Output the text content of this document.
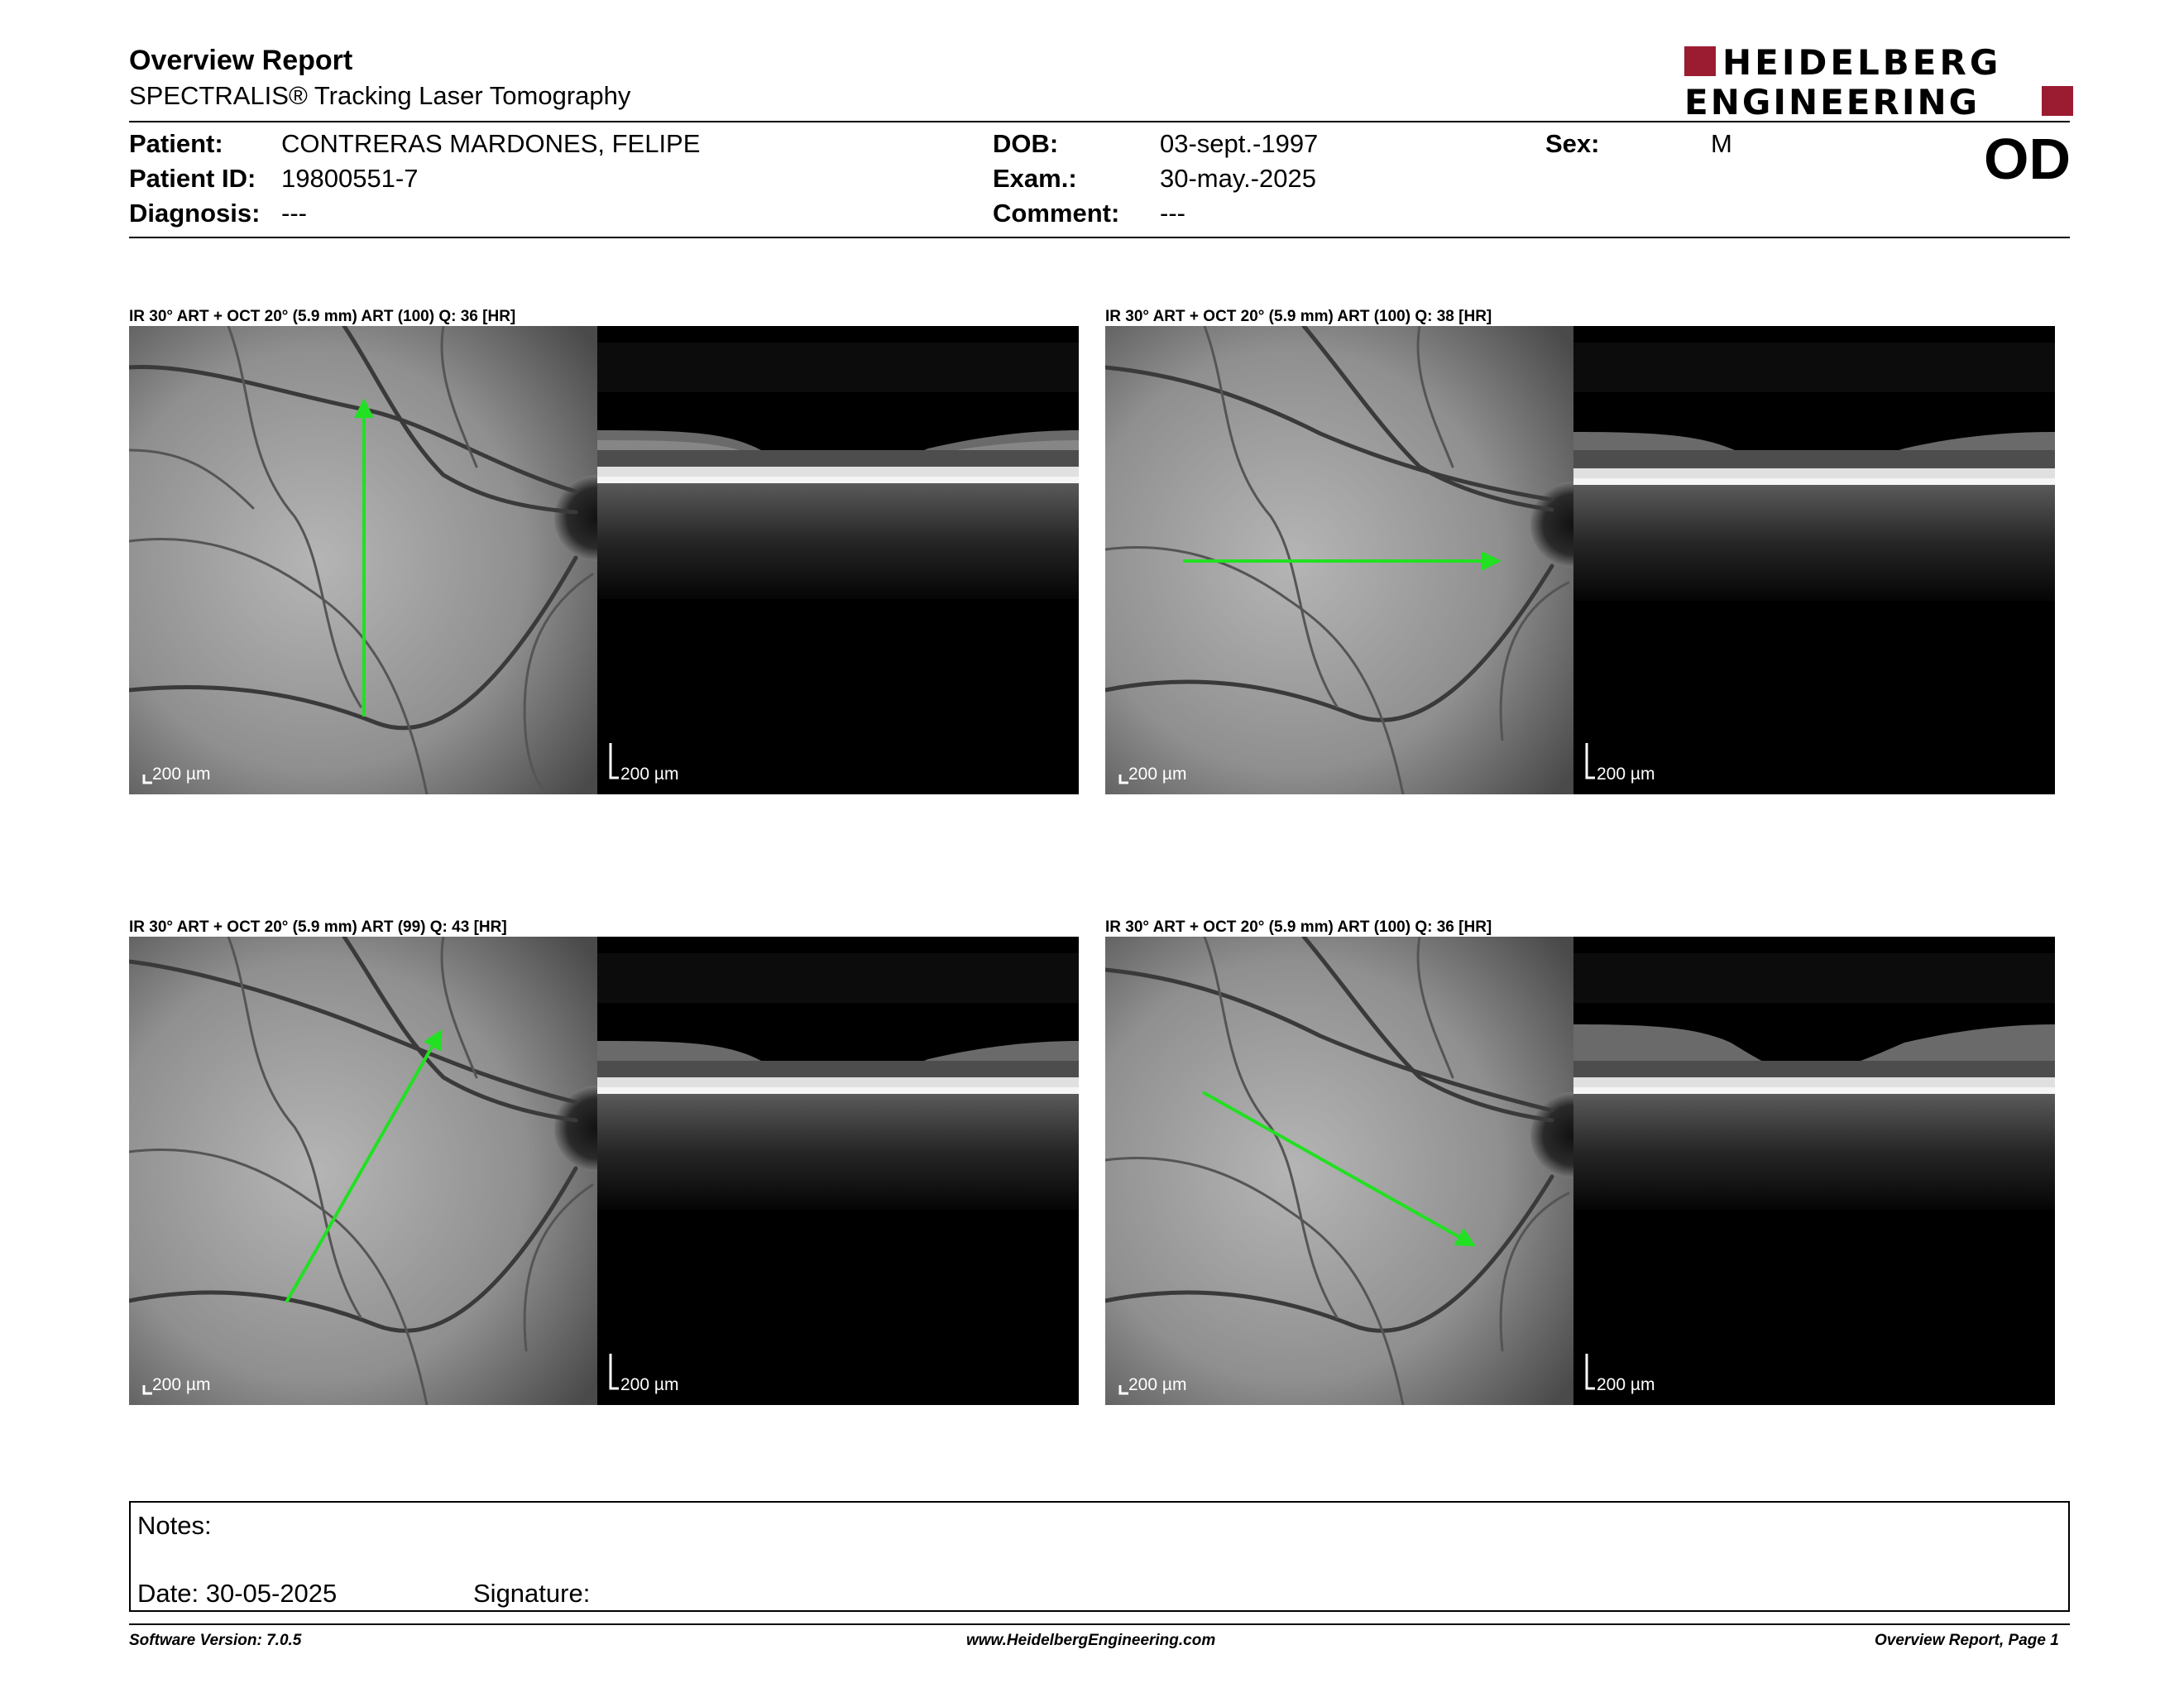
Overview Report
SPECTRALIS® Tracking Laser Tomography
HEIDELBERG
ENGINEERING
Patient: CONTRERAS MARDONES, FELIPE
Patient ID: 19800551-7
Diagnosis: ---
DOB:	03-sept.-1997
Exam.:	30-may.-2025
Comment: ---
Sex:	M	OD
IR 30° ART + OCT 20° (5.9 mm) ART (100) Q: 36 [HR]
200 µm	200 µm
IR 30° ART + OCT 20° (5.9 mm) ART (100) Q: 38 [HR]
200 µm	200 µm
IR 30° ART + OCT 20° (5.9 mm) ART (99) Q: 43 [HR]
200 µm	200 µm
IR 30° ART + OCT 20° (5.9 mm) ART (100) Q: 36 [HR]
200 µm	200 µm
Notes:
Date: 30-05-2025	Signature:
Software Version: 7.0.5	www.HeidelbergEngineering.com	Overview Report, Page 1
